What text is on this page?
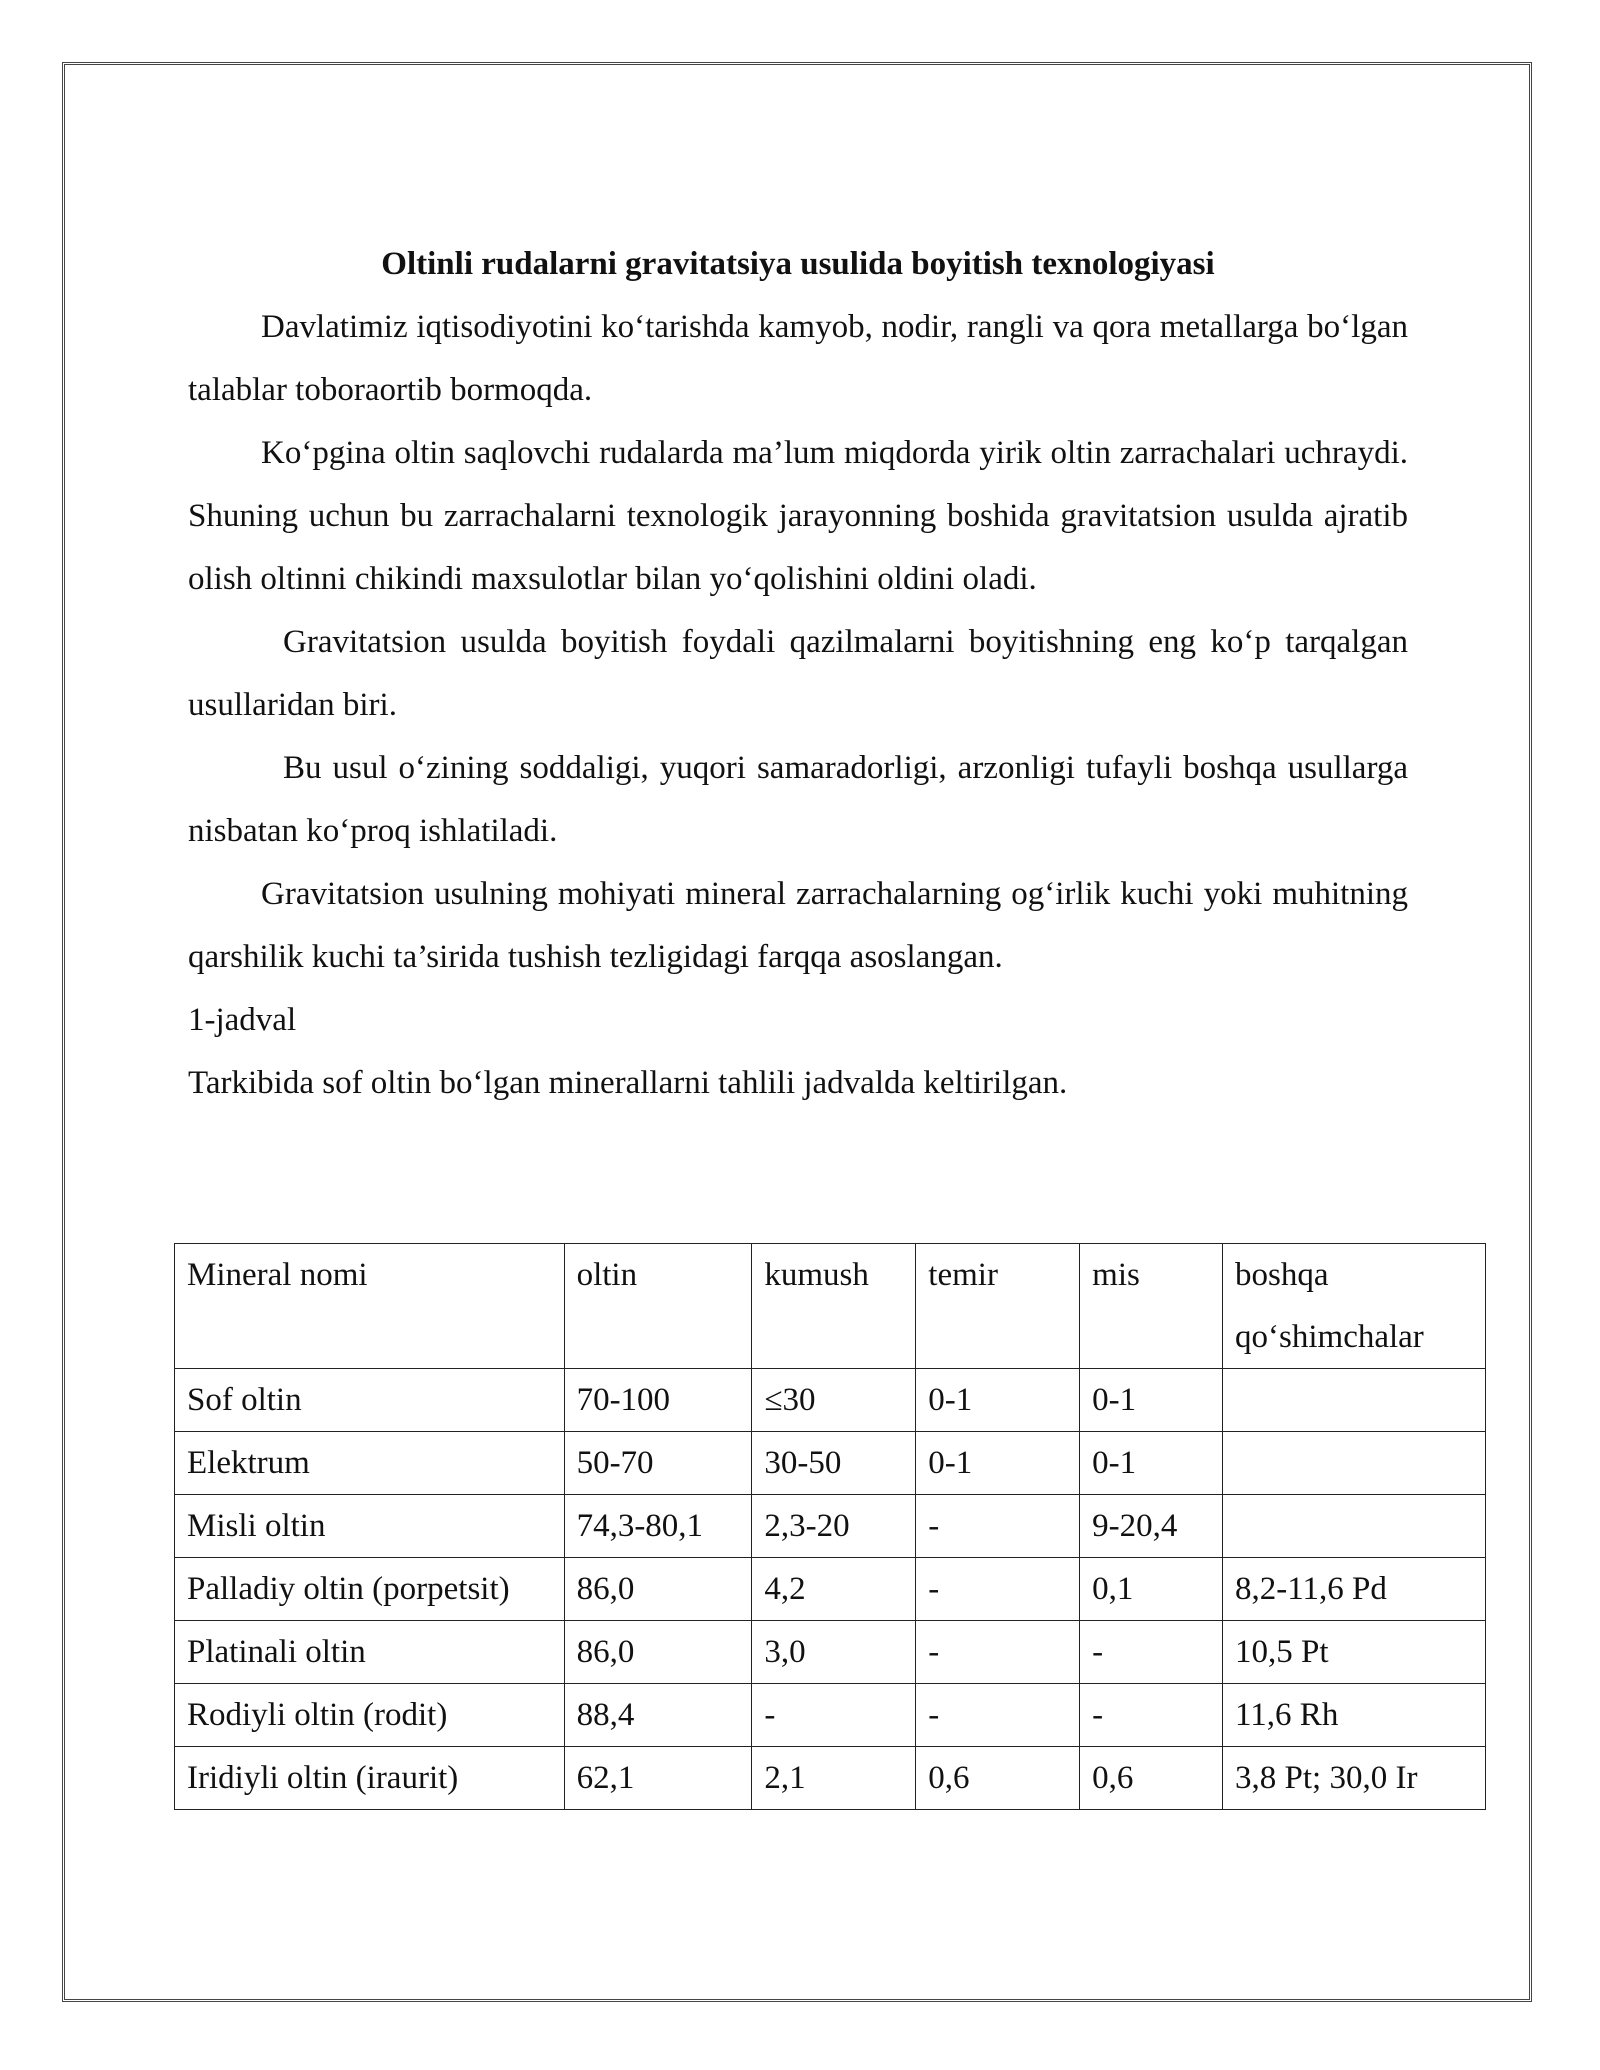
Oltinli rudalarni gravitatsiya usulida boyitish texnologiyasi

Davlatimiz iqtisodiyotini ko‘tarishda kamyob, nodir, rangli va qora metallarga bo‘lgan talablar toboraortib bormoqda.

Ko‘pgina oltin saqlovchi rudalarda ma’lum miqdorda yirik oltin zarrachalari uchraydi. Shuning uchun bu zarrachalarni texnologik jarayonning boshida gravitatsion usulda ajratib olish oltinni chikindi maxsulotlar bilan yo‘qolishini oldini oladi.

Gravitatsion usulda boyitish foydali qazilmalarni boyitishning eng ko‘p tarqalgan usullaridan biri.

Bu usul o‘zining soddaligi, yuqori samaradorligi, arzonligi tufayli boshqa usullarga nisbatan ko‘proq ishlatiladi.

Gravitatsion usulning mohiyati mineral zarrachalarning og‘irlik kuchi yoki muhitning qarshilik kuchi ta’sirida tushish tezligidagi farqqa asoslangan.

1-jadval

Tarkibida sof oltin bo‘lgan minerallarni tahlili jadvalda keltirilgan.

Mineral nomi	oltin	kumush	temir	mis	boshqa qo‘shimchalar
Sof oltin	70-100	≤30	0-1	0-1	
Elektrum	50-70	30-50	0-1	0-1	
Misli oltin	74,3-80,1	2,3-20	-	9-20,4	
Palladiy oltin (porpetsit)	86,0	4,2	-	0,1	8,2-11,6 Pd
Platinali oltin	86,0	3,0	-	-	10,5 Pt
Rodiyli oltin (rodit)	88,4	-	-	-	11,6 Rh
Iridiyli oltin (iraurit)	62,1	2,1	0,6	0,6	3,8 Pt; 30,0 Ir
